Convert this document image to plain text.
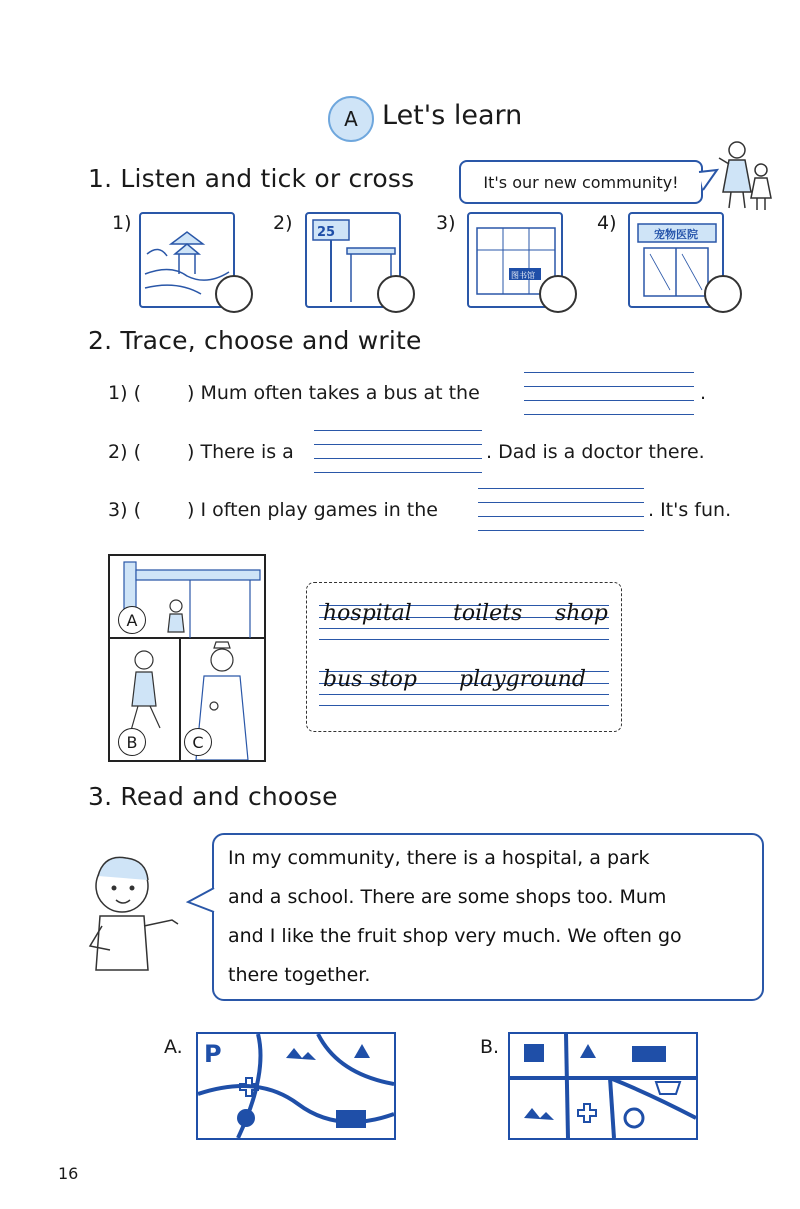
A Let's learn
1. Listen and tick or cross	It's our new community!
1)	2) 25	3)
图书馆
4)
宠物医院
2. Trace, choose and write
1) ( ) Mum often takes a bus at the	.
2) ( ) There is a	. Dad is a doctor there.
3) ( ) I often play games in the	. It's fun.
A
B	C
hospital toilets shop
bus stop playground
3. Read and choose
In my community, there is a hospital, a park
and a school. There are some shops too. Mum
and I like the fruit shop very much. We often go
there together.
A. P	B.
16
